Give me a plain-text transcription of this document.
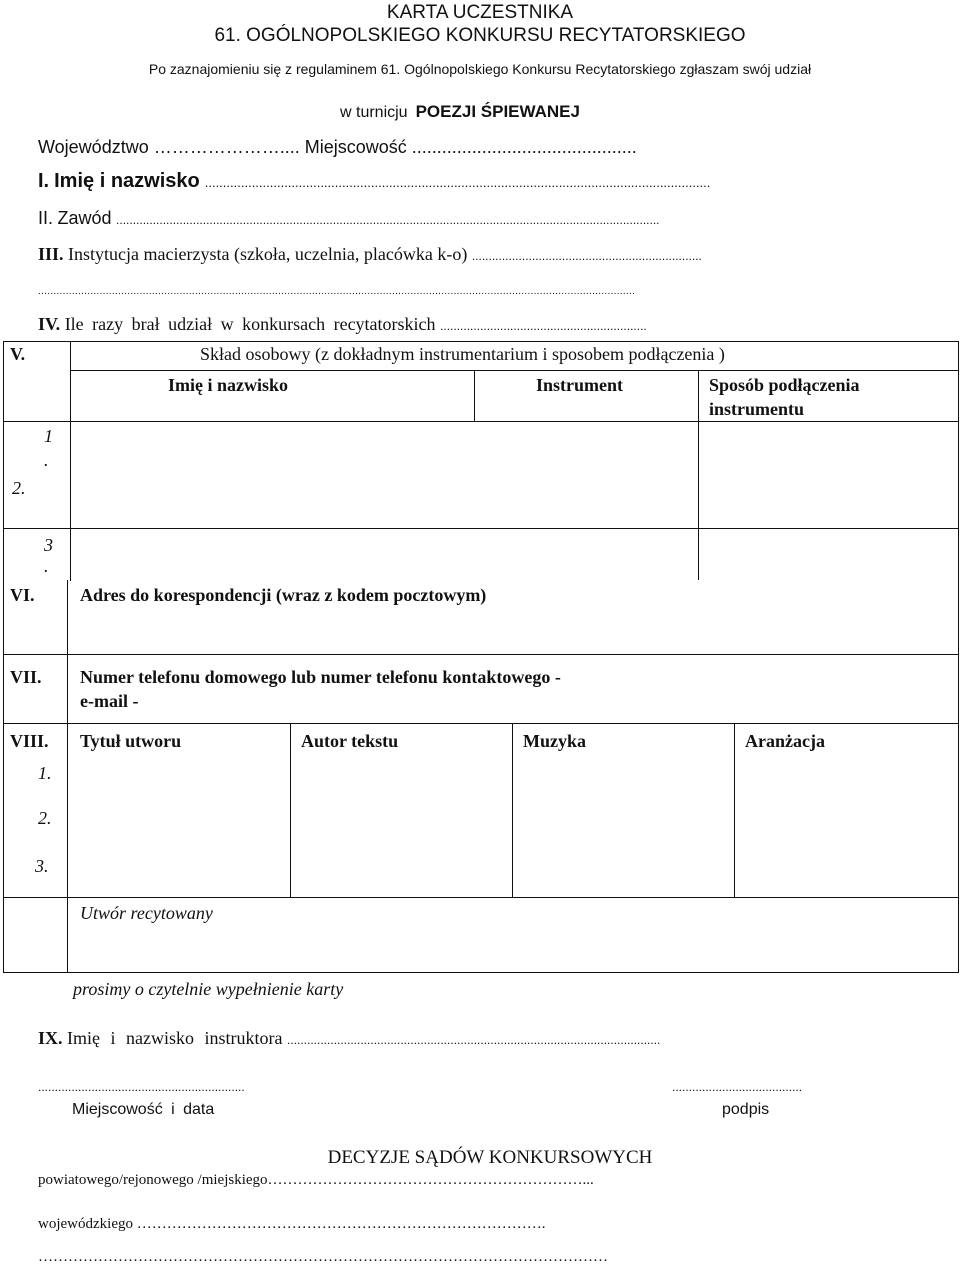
KARTA UCZESTNIKA
61. OGÓLNOPOLSKIEGO KONKURSU RECYTATORSKIEGO
Po zaznajomieniu się z regulaminem 61. Ogólnopolskiego Konkursu Recytatorskiego zgłaszam swój udział
w turnicju POEZJI ŚPIEWANEJ
Województwo ………………….... Miejscowość .............................................
I. Imię i nazwisko ............................................................................................................................................
II. Zawód ...................................................................................................................................................................
III. Instytucja macierzysta (szkoła, uczelnia, placówka k-o) .....................................................................
..................................................................................................................................................................................................
IV. Ile razy brał udział w konkursach recytatorskich ..............................................................
V.	Skład osobowy (z dokładnym instrumentarium i sposobem podłączenia )
Imię i nazwisko	Instrument	Sposób podłączenia
instrumentu
1
.
2.
3
.
VI.	Adres do korespondencji (wraz z kodem pocztowym)
VII. Numer telefonu domowego lub numer telefonu kontaktowego -
e-mail -
VIII. Tytuł utworu	Autor tekstu	Muzyka	Aranżacja
1.
2.
3.
Utwór recytowany
prosimy o czytelnie wypełnienie karty
IX. Imię i nazwisko instruktora ................................................................................................................
..............................................................
Miejscowość i data
.......................................
podpis
DECYZJE SĄDÓW KONKURSOWYCH
powiatowego/rejonowego /miejskiego………………………………………………………...
wojewódzkiego ……………………………………………………………………….
……………………………………………………………………………………………………
